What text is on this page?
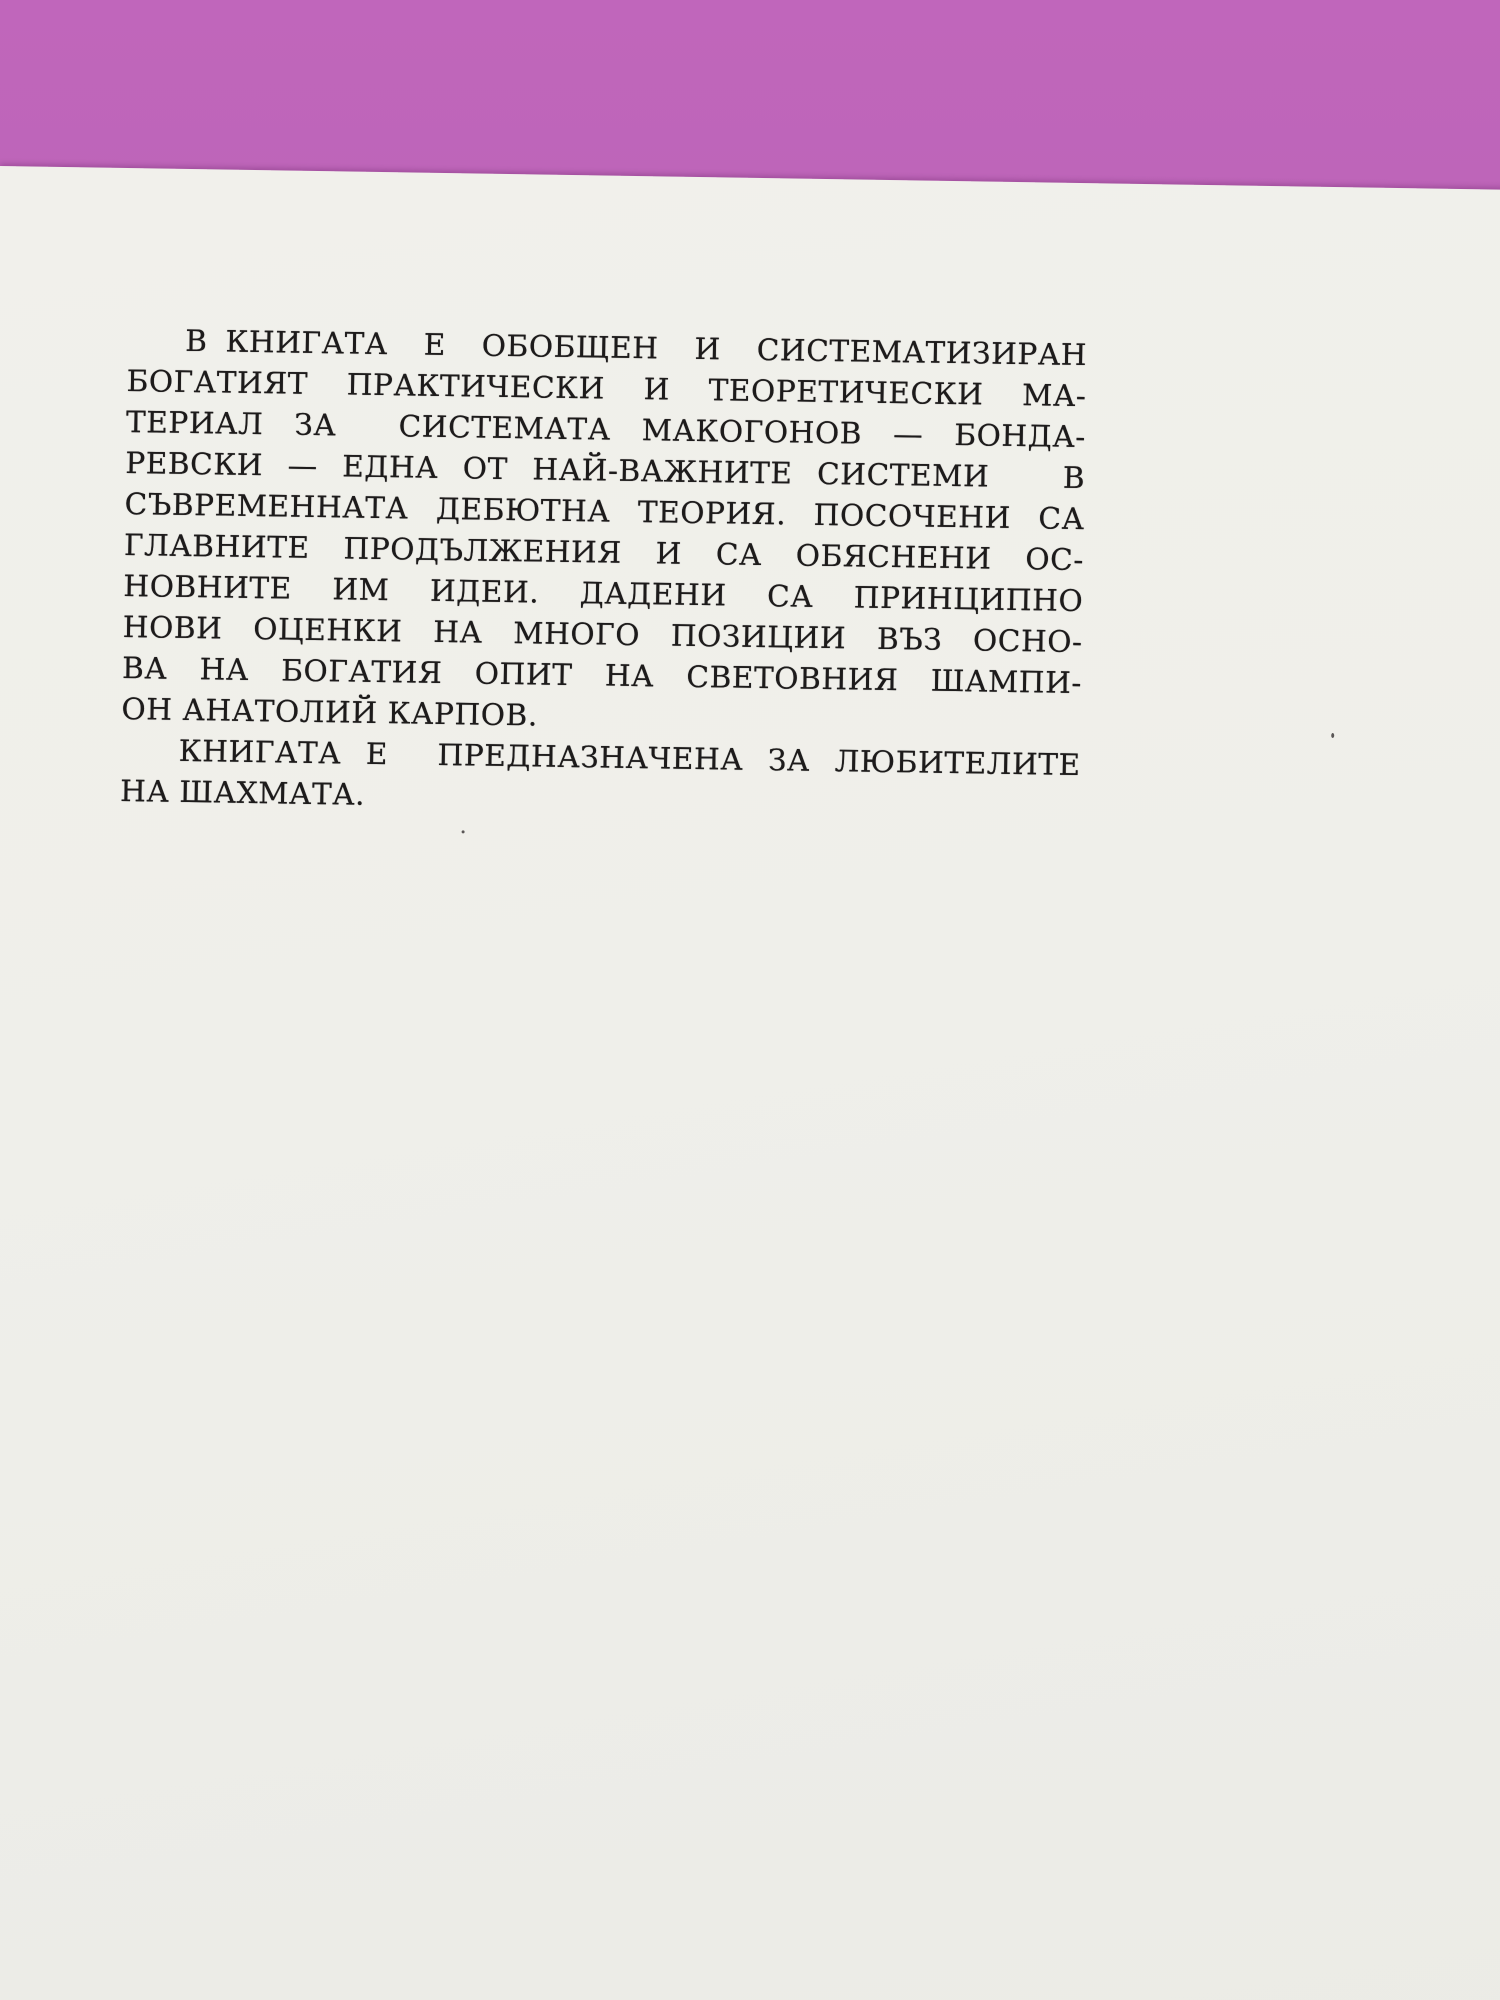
В КНИГАТА  Е  ОБОБЩЕН  И  СИСТЕМАТИЗИРАН
БОГАТИЯТ ПРАКТИЧЕСКИ И ТЕОРЕТИЧЕСКИ МА-
ТЕРИАЛ ЗА  СИСТЕМАТА МАКОГОНОВ — БОНДА-
РЕВСКИ — ЕДНА ОТ НАЙ-ВАЖНИТЕ СИСТЕМИ   В
СЪВРЕМЕННАТА ДЕБЮТНА ТЕОРИЯ. ПОСОЧЕНИ СА
ГЛАВНИТЕ ПРОДЪЛЖЕНИЯ И СА ОБЯСНЕНИ ОС-
НОВНИТЕ ИМ ИДЕИ. ДАДЕНИ СА ПРИНЦИПНО
НОВИ ОЦЕНКИ НА МНОГО ПОЗИЦИИ ВЪЗ ОСНО-
ВА НА БОГАТИЯ ОПИТ НА СВЕТОВНИЯ ШАМПИ-
ОН АНАТОЛИЙ КАРПОВ.
КНИГАТА Е  ПРЕДНАЗНАЧЕНА ЗА ЛЮБИТЕЛИТЕ
НА ШАХМАТА.
